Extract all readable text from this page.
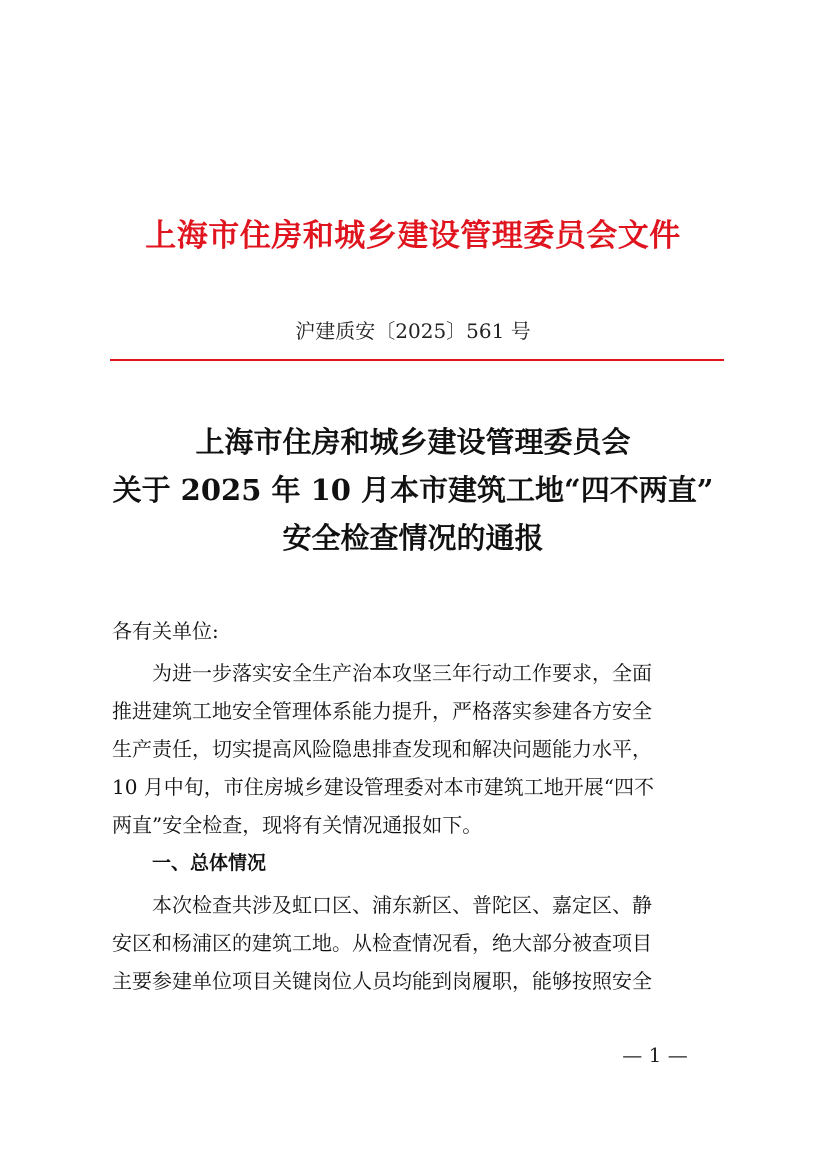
上海市住房和城乡建设管理委员会文件
沪建质安〔2025〕561 号
上海市住房和城乡建设管理委员会
关于 2025 年 10 月本市建筑工地“四不两直”
安全检查情况的通报
各有关单位:
为进一步落实安全生产治本攻坚三年行动工作要求，全面
推进建筑工地安全管理体系能力提升，严格落实参建各方安全
生产责任，切实提高风险隐患排查发现和解决问题能力水平，
10 月中旬，市住房城乡建设管理委对本市建筑工地开展“四不
两直”安全检查，现将有关情况通报如下。
一、总体情况
本次检查共涉及虹口区、浦东新区、普陀区、嘉定区、静
安区和杨浦区的建筑工地。从检查情况看，绝大部分被查项目
主要参建单位项目关键岗位人员均能到岗履职，能够按照安全
— 1 —
